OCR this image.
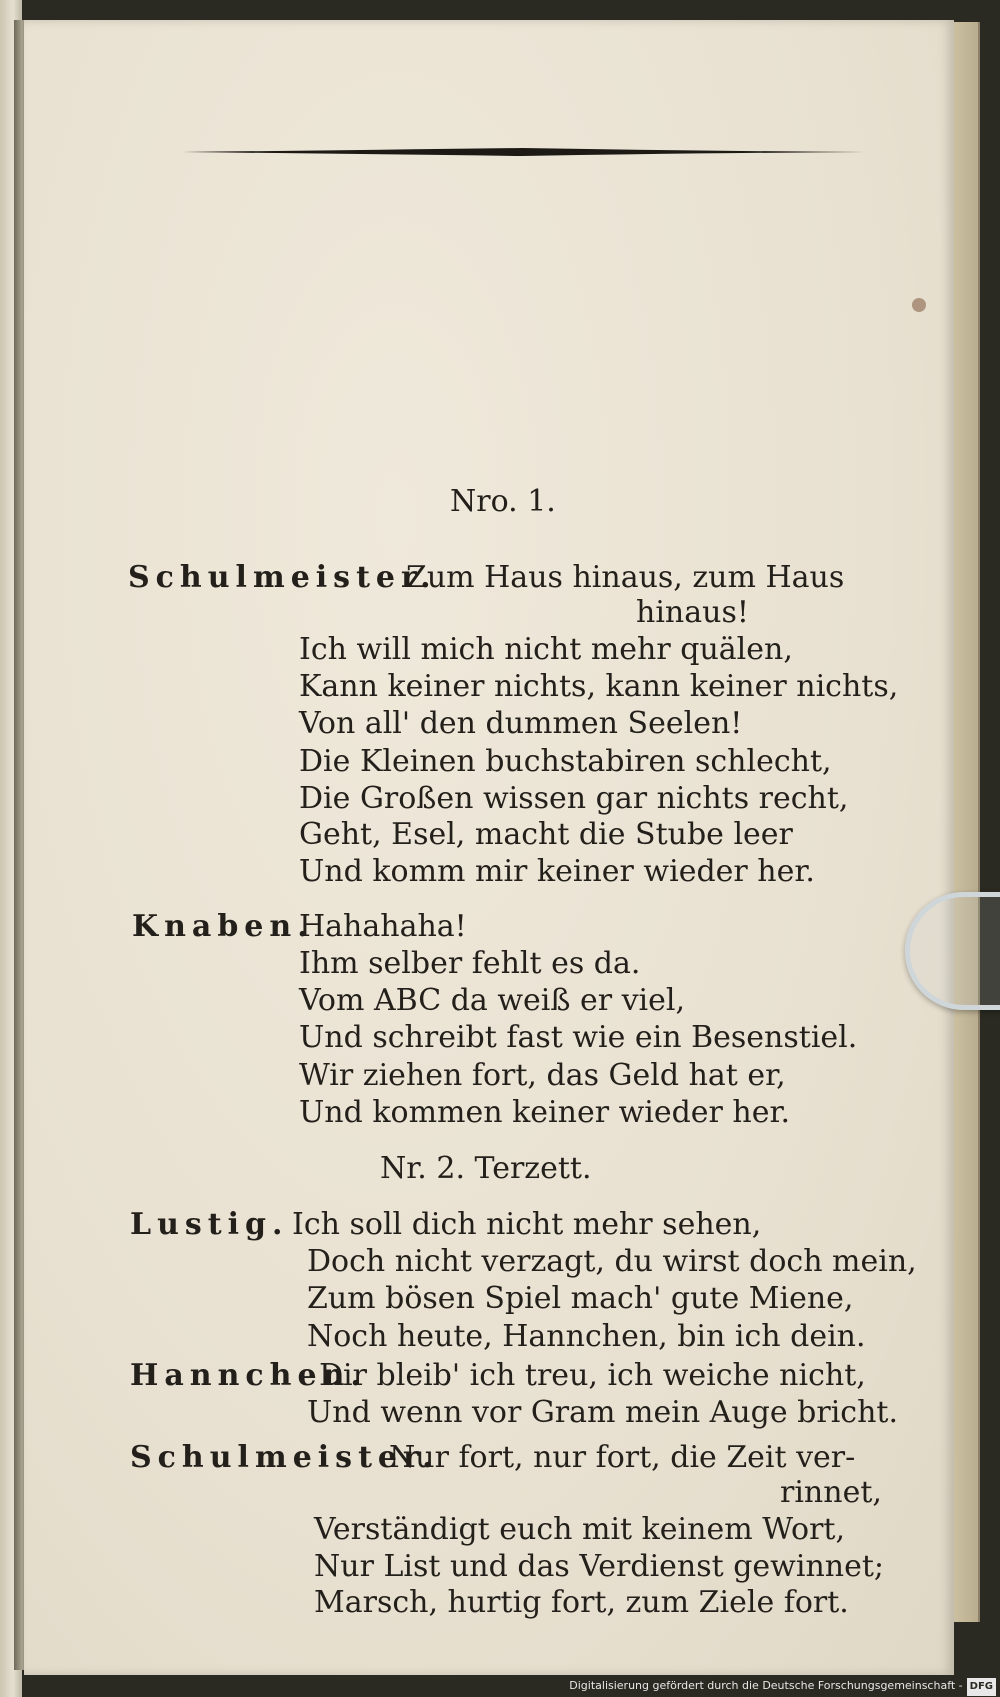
Nro. 1.
Schulmeister.
Zum Haus hinaus, zum Haus
hinaus!
Ich will mich nicht mehr quälen,
Kann keiner nichts, kann keiner nichts,
Von all' den dummen Seelen!
Die Kleinen buchstabiren schlecht,
Die Großen wissen gar nichts recht,
Geht, Esel, macht die Stube leer
Und komm mir keiner wieder her.
Knaben.
Hahahaha!
Ihm selber fehlt es da.
Vom ABC da weiß er viel,
Und schreibt fast wie ein Besenstiel.
Wir ziehen fort, das Geld hat er,
Und kommen keiner wieder her.
Nr. 2. Terzett.
Lustig. Ich soll dich nicht mehr sehen,
Doch nicht verzagt, du wirst doch mein,
Zum bösen Spiel mach' gute Miene,
Noch heute, Hannchen, bin ich dein.
Hannchen.
Dir bleib' ich treu, ich weiche nicht,
Und wenn vor Gram mein Auge bricht.
Schulmeister.
Nur fort, nur fort, die Zeit ver-
rinnet,
Verständigt euch mit keinem Wort,
Nur List und das Verdienst gewinnet;
Marsch, hurtig fort, zum Ziele fort.
Digitalisierung gefördert durch die Deutsche Forschungsgemeinschaft - DFG
